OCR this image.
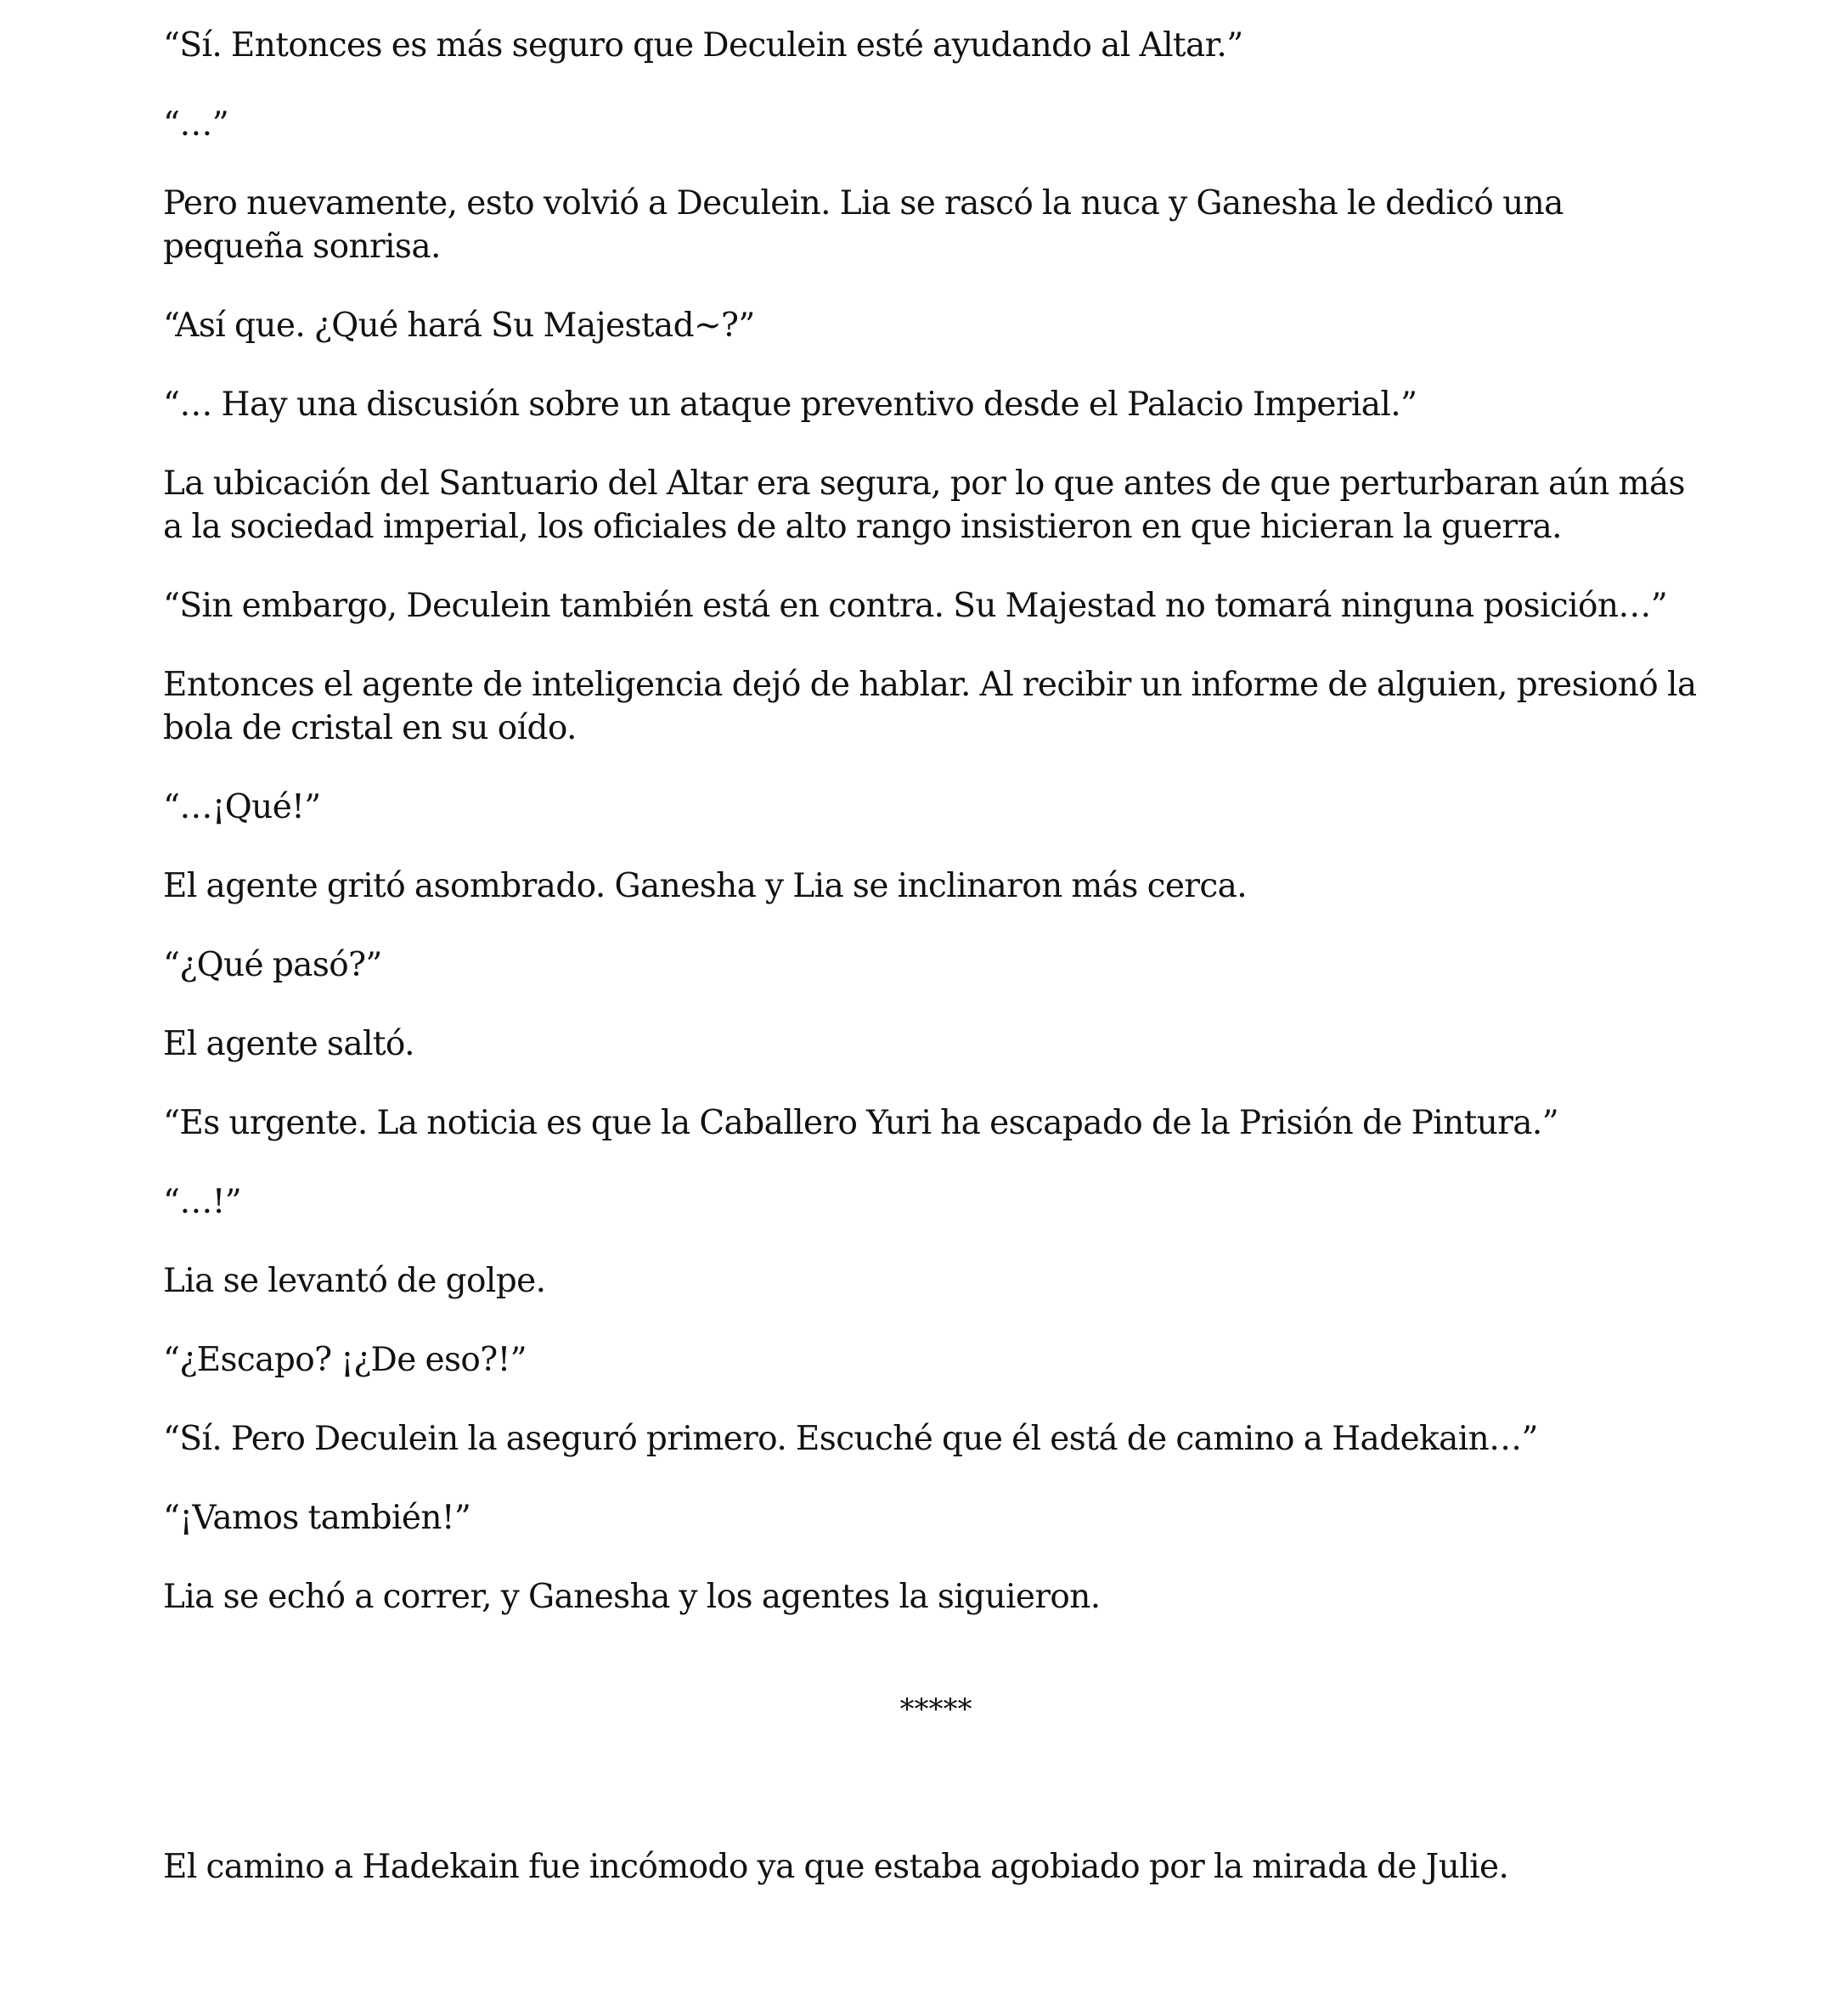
“Sí. Entonces es más seguro que Deculein esté ayudando al Altar.”

“…”

Pero nuevamente, esto volvió a Deculein. Lia se rascó la nuca y Ganesha le dedicó una pequeña sonrisa.

“Así que. ¿Qué hará Su Majestad~?”

“… Hay una discusión sobre un ataque preventivo desde el Palacio Imperial.”

La ubicación del Santuario del Altar era segura, por lo que antes de que perturbaran aún más a la sociedad imperial, los oficiales de alto rango insistieron en que hicieran la guerra.

“Sin embargo, Deculein también está en contra. Su Majestad no tomará ninguna posición…”

Entonces el agente de inteligencia dejó de hablar. Al recibir un informe de alguien, presionó la bola de cristal en su oído.

“…¡Qué!”

El agente gritó asombrado. Ganesha y Lia se inclinaron más cerca.

“¿Qué pasó?”

El agente saltó.

“Es urgente. La noticia es que la Caballero Yuri ha escapado de la Prisión de Pintura.”

“…!”

Lia se levantó de golpe.

“¿Escapo? ¡¿De eso?!”

“Sí. Pero Deculein la aseguró primero. Escuché que él está de camino a Hadekain…”

“¡Vamos también!”

Lia se echó a correr, y Ganesha y los agentes la siguieron.

*****

El camino a Hadekain fue incómodo ya que estaba agobiado por la mirada de Julie.
